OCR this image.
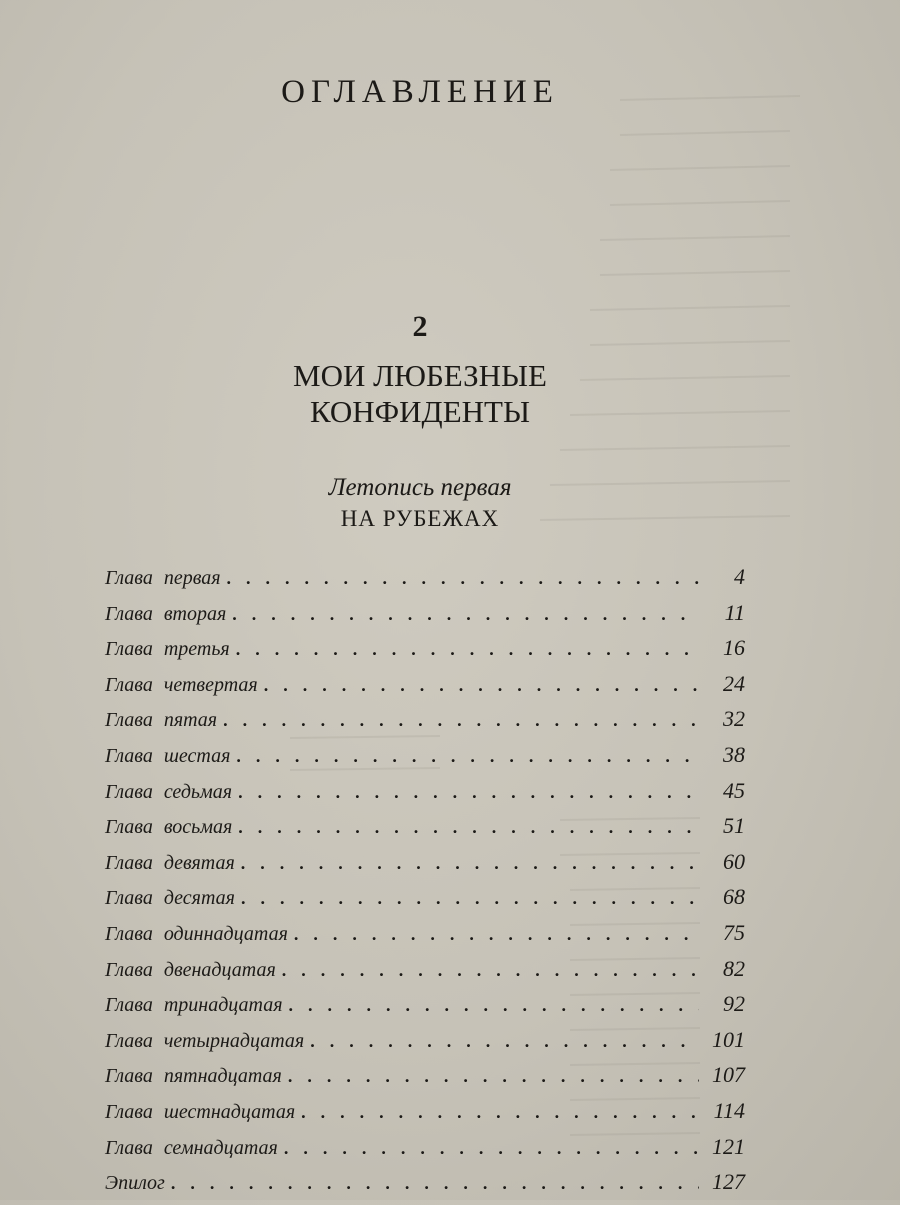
ОГЛАВЛЕНИЕ
2
МОИ ЛЮБЕЗНЫЕ
КОНФИДЕНТЫ
Летопись первая
НА РУБЕЖАХ
Глава первая .....	4
Глава вторая .....	11
Глава третья .....	16
Глава четвертая .....	24
Глава пятая .....	32
Глава шестая .....	38
Глава седьмая .....	45
Глава восьмая .....	51
Глава девятая .....	60
Глава десятая .....	68
Глава одиннадцатая .....	75
Глава двенадцатая .....	82
Глава тринадцатая .....	92
Глава четырнадцатая .....	101
Глава пятнадцатая .....	107
Глава шестнадцатая .....	114
Глава семнадцатая .....	121
Эпилог .....	127
